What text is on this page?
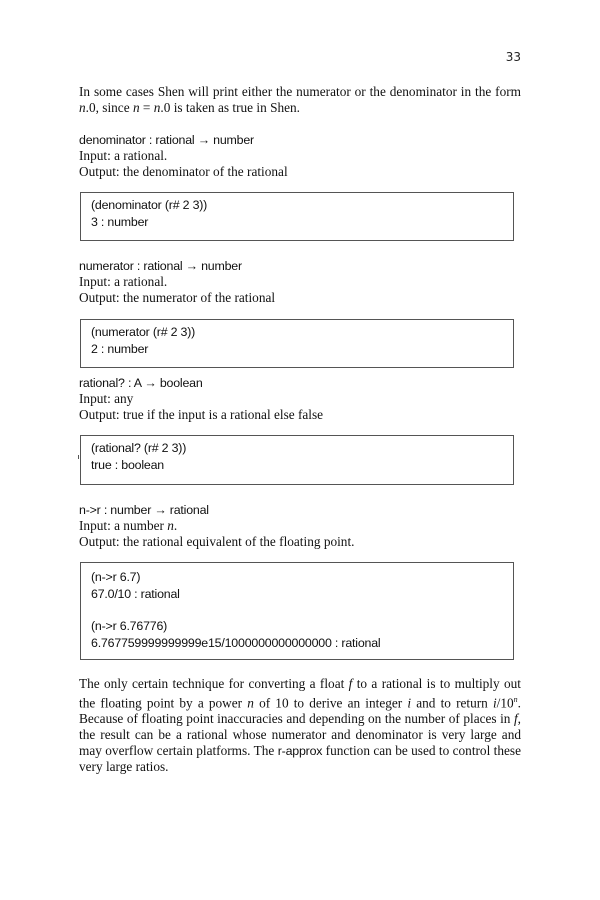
33
In some cases Shen will print either the numerator or the denominator in the form n.0, since n = n.0 is taken as true in Shen.
denominator : rational → number
Input: a rational.
Output: the denominator of the rational
(denominator (r# 2 3))
3 : number
numerator : rational → number
Input: a rational.
Output: the numerator of the rational
(numerator (r# 2 3))
2 : number
rational? : A → boolean
Input: any
Output: true if the input is a rational else false
(rational? (r# 2 3))
true : boolean
n->r : number → rational
Input: a number n.
Output: the rational equivalent of the floating point.
(n->r 6.7)
67.0/10 : rational
(n->r 6.76776)
6.767759999999999e15/1000000000000000 : rational
The only certain technique for converting a float f to a rational is to multiply out the floating point by a power n of 10 to derive an integer i and to return i/10$^n$. Because of floating point inaccuracies and depending on the number of places in f, the result can be a rational whose numerator and denominator is very large and may overflow certain platforms. The r-approx function can be used to control these very large ratios.
